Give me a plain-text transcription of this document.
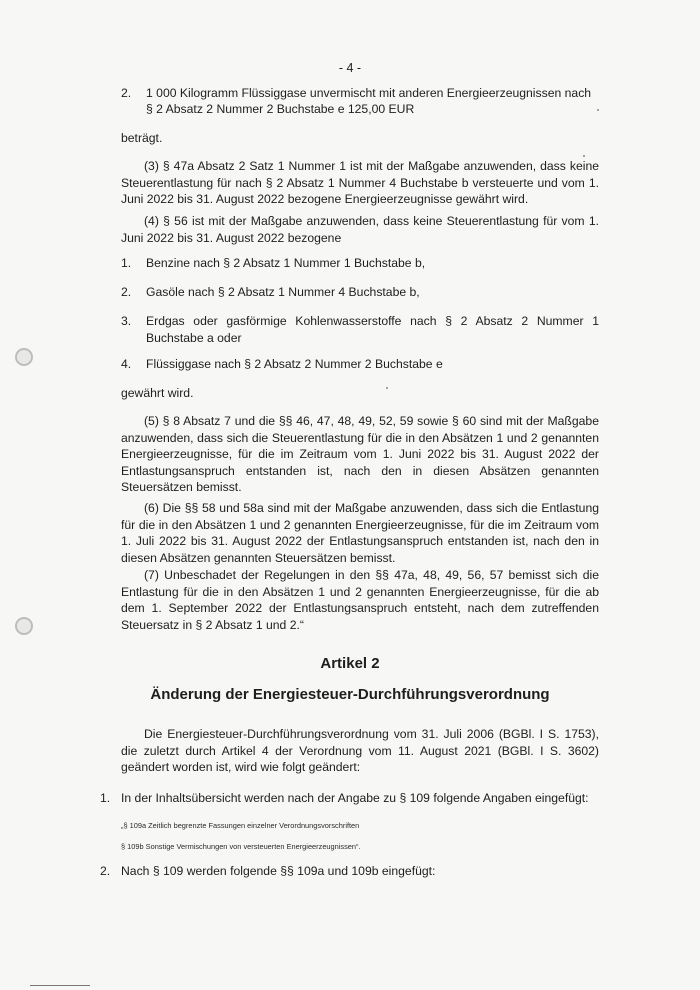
- 4 -
2. 1 000 Kilogramm Flüssiggase unvermischt mit anderen Energieerzeugnissen nach
§ 2 Absatz 2 Nummer 2 Buchstabe e 125,00 EUR
beträgt.
(3) § 47a Absatz 2 Satz 1 Nummer 1 ist mit der Maßgabe anzuwenden, dass keine Steuerentlastung für nach § 2 Absatz 1 Nummer 4 Buchstabe b versteuerte und vom 1. Juni 2022 bis 31. August 2022 bezogene Energieerzeugnisse gewährt wird.
(4) § 56 ist mit der Maßgabe anzuwenden, dass keine Steuerentlastung für vom 1. Juni 2022 bis 31. August 2022 bezogene
1. Benzine nach § 2 Absatz 1 Nummer 1 Buchstabe b,
2. Gasöle nach § 2 Absatz 1 Nummer 4 Buchstabe b,
3. Erdgas oder gasförmige Kohlenwasserstoffe nach § 2 Absatz 2 Nummer 1 Buchstabe a oder
4. Flüssiggase nach § 2 Absatz 2 Nummer 2 Buchstabe e
gewährt wird.
(5) § 8 Absatz 7 und die §§ 46, 47, 48, 49, 52, 59 sowie § 60 sind mit der Maßgabe anzuwenden, dass sich die Steuerentlastung für die in den Absätzen 1 und 2 genannten Energieerzeugnisse, für die im Zeitraum vom 1. Juni 2022 bis 31. August 2022 der Entlastungsanspruch entstanden ist, nach den in diesen Absätzen genannten Steuersätzen bemisst.
(6) Die §§ 58 und 58a sind mit der Maßgabe anzuwenden, dass sich die Entlastung für die in den Absätzen 1 und 2 genannten Energieerzeugnisse, für die im Zeitraum vom 1. Juli 2022 bis 31. August 2022 der Entlastungsanspruch entstanden ist, nach den in diesen Absätzen genannten Steuersätzen bemisst.
(7) Unbeschadet der Regelungen in den §§ 47a, 48, 49, 56, 57 bemisst sich die Entlastung für die in den Absätzen 1 und 2 genannten Energieerzeugnisse, für die ab dem 1. September 2022 der Entlastungsanspruch entsteht, nach dem zutreffenden Steuersatz in § 2 Absatz 1 und 2.“
Artikel 2
Änderung der Energiesteuer-Durchführungsverordnung
Die Energiesteuer-Durchführungsverordnung vom 31. Juli 2006 (BGBl. I S. 1753), die zuletzt durch Artikel 4 der Verordnung vom 11. August 2021 (BGBl. I S. 3602) geändert worden ist, wird wie folgt geändert:
1. In der Inhaltsübersicht werden nach der Angabe zu § 109 folgende Angaben eingefügt:
„§ 109a Zeitlich begrenzte Fassungen einzelner Verordnungsvorschriften
§ 109b Sonstige Vermischungen von versteuerten Energieerzeugnissen“.
2. Nach § 109 werden folgende §§ 109a und 109b eingefügt:
